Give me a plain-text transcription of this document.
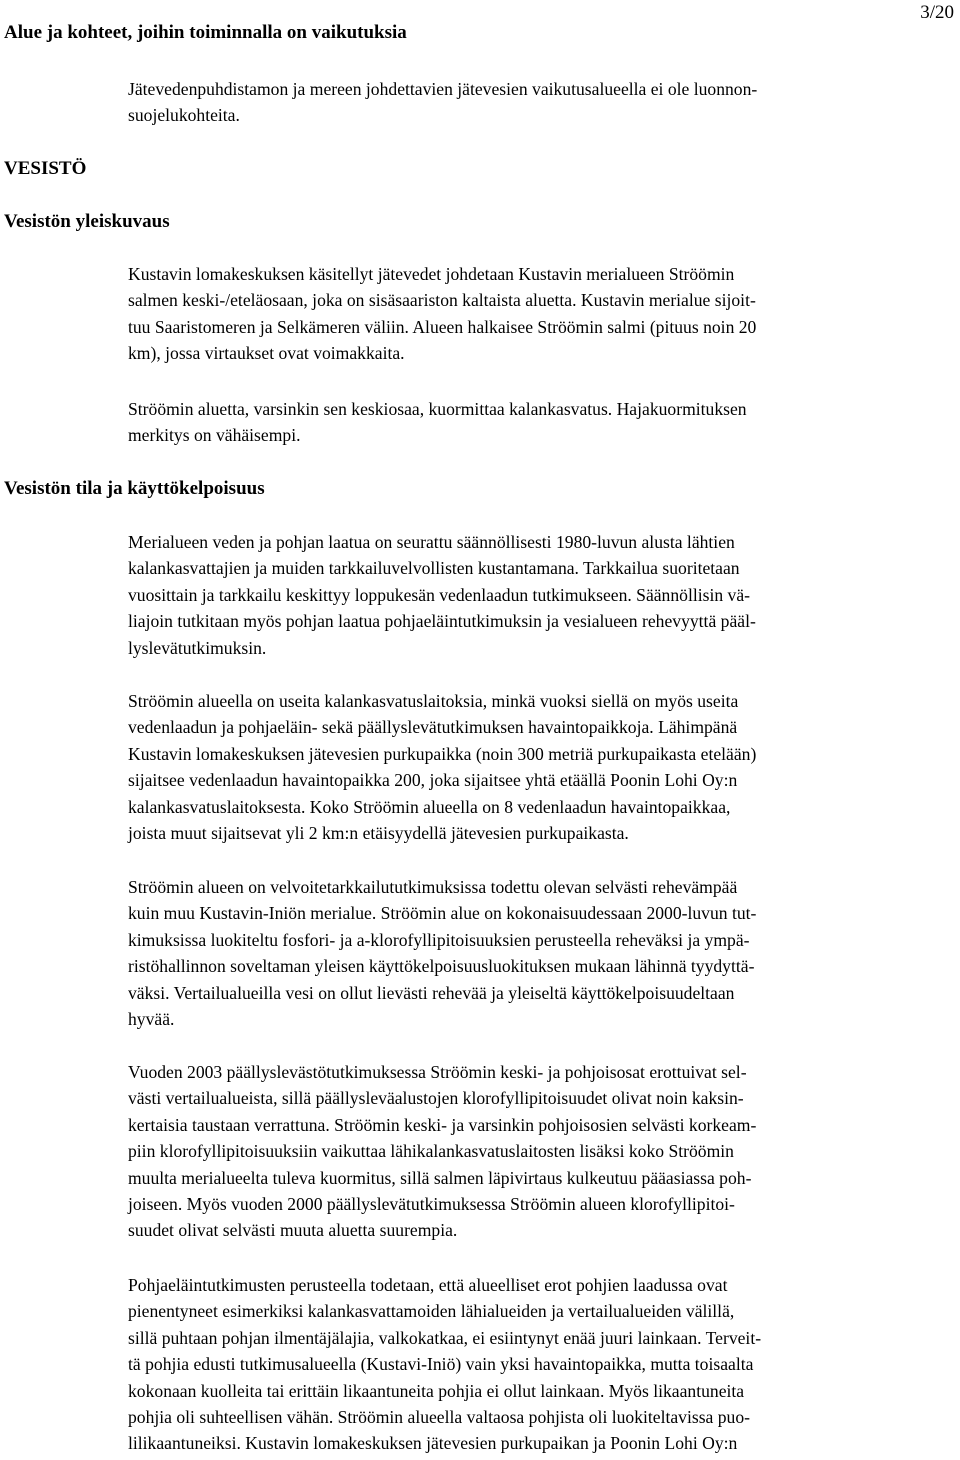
Alue ja kohteet, joihin toiminnalla on vaikutuksia
3/20
Jätevedenpuhdistamon ja mereen johdettavien jätevesien vaikutusalueella ei ole luonnon-
suojelukohteita.
VESISTÖ
Vesistön yleiskuvaus
Kustavin lomakeskuksen käsitellyt jätevedet johdetaan Kustavin merialueen Ströömin
salmen keski-/eteläosaan, joka on sisäsaariston kaltaista aluetta. Kustavin merialue sijoit-
tuu Saaristomeren ja Selkämeren väliin. Alueen halkaisee Ströömin salmi (pituus noin 20
km), jossa virtaukset ovat voimakkaita.
Ströömin aluetta, varsinkin sen keskiosaa, kuormittaa kalankasvatus. Hajakuormituksen
merkitys on vähäisempi.
Vesistön tila ja käyttökelpoisuus
Merialueen veden ja pohjan laatua on seurattu säännöllisesti 1980-luvun alusta lähtien
kalankasvattajien ja muiden tarkkailuvelvollisten kustantamana. Tarkkailua suoritetaan
vuosittain ja tarkkailu keskittyy loppukesän vedenlaadun tutkimukseen. Säännöllisin vä-
liajoin tutkitaan myös pohjan laatua pohjaeläintutkimuksin ja vesialueen rehevyyttä pääl-
lyslevätutkimuksin.
Ströömin alueella on useita kalankasvatuslaitoksia, minkä vuoksi siellä on myös useita
vedenlaadun ja pohjaeläin- sekä päällyslevätutkimuksen havaintopaikkoja. Lähimpänä
Kustavin lomakeskuksen jätevesien purkupaikka (noin 300 metriä purkupaikasta etelään)
sijaitsee vedenlaadun havaintopaikka 200, joka sijaitsee yhtä etäällä Poonin Lohi Oy:n
kalankasvatuslaitoksesta. Koko Ströömin alueella on 8 vedenlaadun havaintopaikkaa,
joista muut sijaitsevat yli 2 km:n etäisyydellä jätevesien purkupaikasta.
Ströömin alueen on velvoitetarkkailututkimuksissa todettu olevan selvästi rehevämpää
kuin muu Kustavin-Iniön merialue. Ströömin alue on kokonaisuudessaan 2000-luvun tut-
kimuksissa luokiteltu fosfori- ja a-klorofyllipitoisuuksien perusteella reheväksi ja ympä-
ristöhallinnon soveltaman yleisen käyttökelpoisuusluokituksen mukaan lähinnä tyydyttä-
väksi. Vertailualueilla vesi on ollut lievästi rehevää ja yleiseltä käyttökelpoisuudeltaan
hyvää.
Vuoden 2003 päällyslevästötutkimuksessa Ströömin keski- ja pohjoisosat erottuivat sel-
västi vertailualueista, sillä päällysleväalustojen klorofyllipitoisuudet olivat noin kaksin-
kertaisia taustaan verrattuna. Ströömin keski- ja varsinkin pohjoisosien selvästi korkeam-
piin klorofyllipitoisuuksiin vaikuttaa lähikalankasvatuslaitosten lisäksi koko Ströömin
muulta merialueelta tuleva kuormitus, sillä salmen läpivirtaus kulkeutuu pääasiassa poh-
joiseen. Myös vuoden 2000 päällyslevätutkimuksessa Ströömin alueen klorofyllipitoi-
suudet olivat selvästi muuta aluetta suurempia.
Pohjaeläintutkimusten perusteella todetaan, että alueelliset erot pohjien laadussa ovat
pienentyneet esimerkiksi kalankasvattamoiden lähialueiden ja vertailualueiden välillä,
sillä puhtaan pohjan ilmentäjälajia, valkokatkaa, ei esiintynyt enää juuri lainkaan. Terveit-
tä pohjia edusti tutkimusalueella (Kustavi-Iniö) vain yksi havaintopaikka, mutta toisaalta
kokonaan kuolleita tai erittäin likaantuneita pohjia ei ollut lainkaan. Myös likaantuneita
pohjia oli suhteellisen vähän. Ströömin alueella valtaosa pohjista oli luokiteltavissa puo-
lilikaantuneiksi. Kustavin lomakeskuksen jätevesien purkupaikan ja Poonin Lohi Oy:n
